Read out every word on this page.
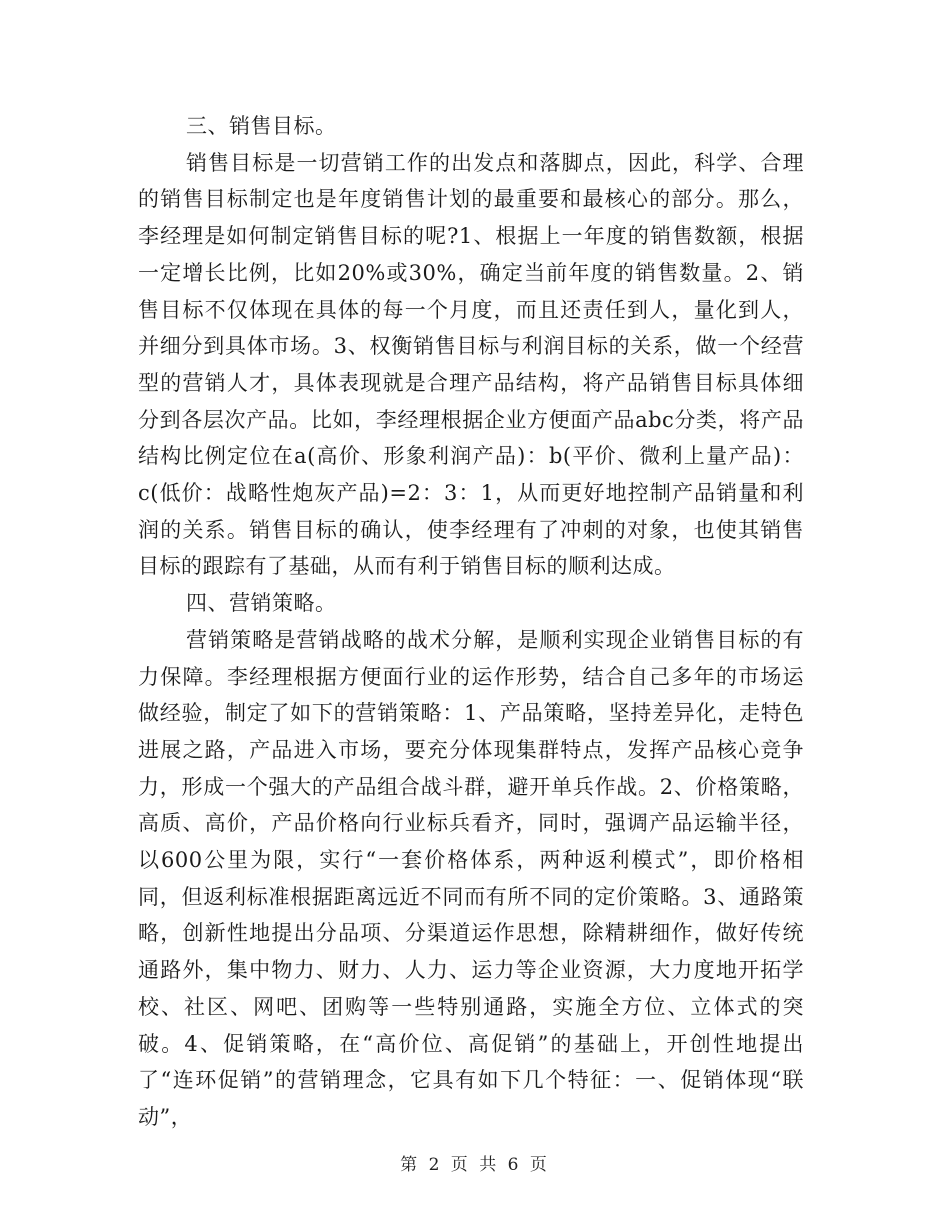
三、销售目标。

销售目标是一切营销工作的出发点和落脚点，因此，科学、合理的销售目标制定也是年度销售计划的最重要和最核心的部分。那么，李经理是如何制定销售目标的呢?1、根据上一年度的销售数额，根据一定增长比例，比如20%或30%，确定当前年度的销售数量。2、销售目标不仅体现在具体的每一个月度，而且还责任到人，量化到人，并细分到具体市场。3、权衡销售目标与利润目标的关系，做一个经营型的营销人才，具体表现就是合理产品结构，将产品销售目标具体细分到各层次产品。比如，李经理根据企业方便面产品abc分类，将产品结构比例定位在a(高价、形象利润产品)：b(平价、微利上量产品)：c(低价：战略性炮灰产品)=2：3：1，从而更好地控制产品销量和利润的关系。销售目标的确认，使李经理有了冲刺的对象，也使其销售目标的跟踪有了基础，从而有利于销售目标的顺利达成。

四、营销策略。

营销策略是营销战略的战术分解，是顺利实现企业销售目标的有力保障。李经理根据方便面行业的运作形势，结合自己多年的市场运做经验，制定了如下的营销策略：1、产品策略，坚持差异化，走特色进展之路，产品进入市场，要充分体现集群特点，发挥产品核心竞争力，形成一个强大的产品组合战斗群，避开单兵作战。2、价格策略，高质、高价，产品价格向行业标兵看齐，同时，强调产品运输半径，以600公里为限，实行“一套价格体系，两种返利模式”，即价格相同，但返利标准根据距离远近不同而有所不同的定价策略。3、通路策略，创新性地提出分品项、分渠道运作思想，除精耕细作，做好传统通路外，集中物力、财力、人力、运力等企业资源，大力度地开拓学校、社区、网吧、团购等一些特别通路，实施全方位、立体式的突破。4、促销策略，在“高价位、高促销”的基础上，开创性地提出了“连环促销”的营销理念，它具有如下几个特征：一、促销体现“联动”，

第 2 页 共 6 页
